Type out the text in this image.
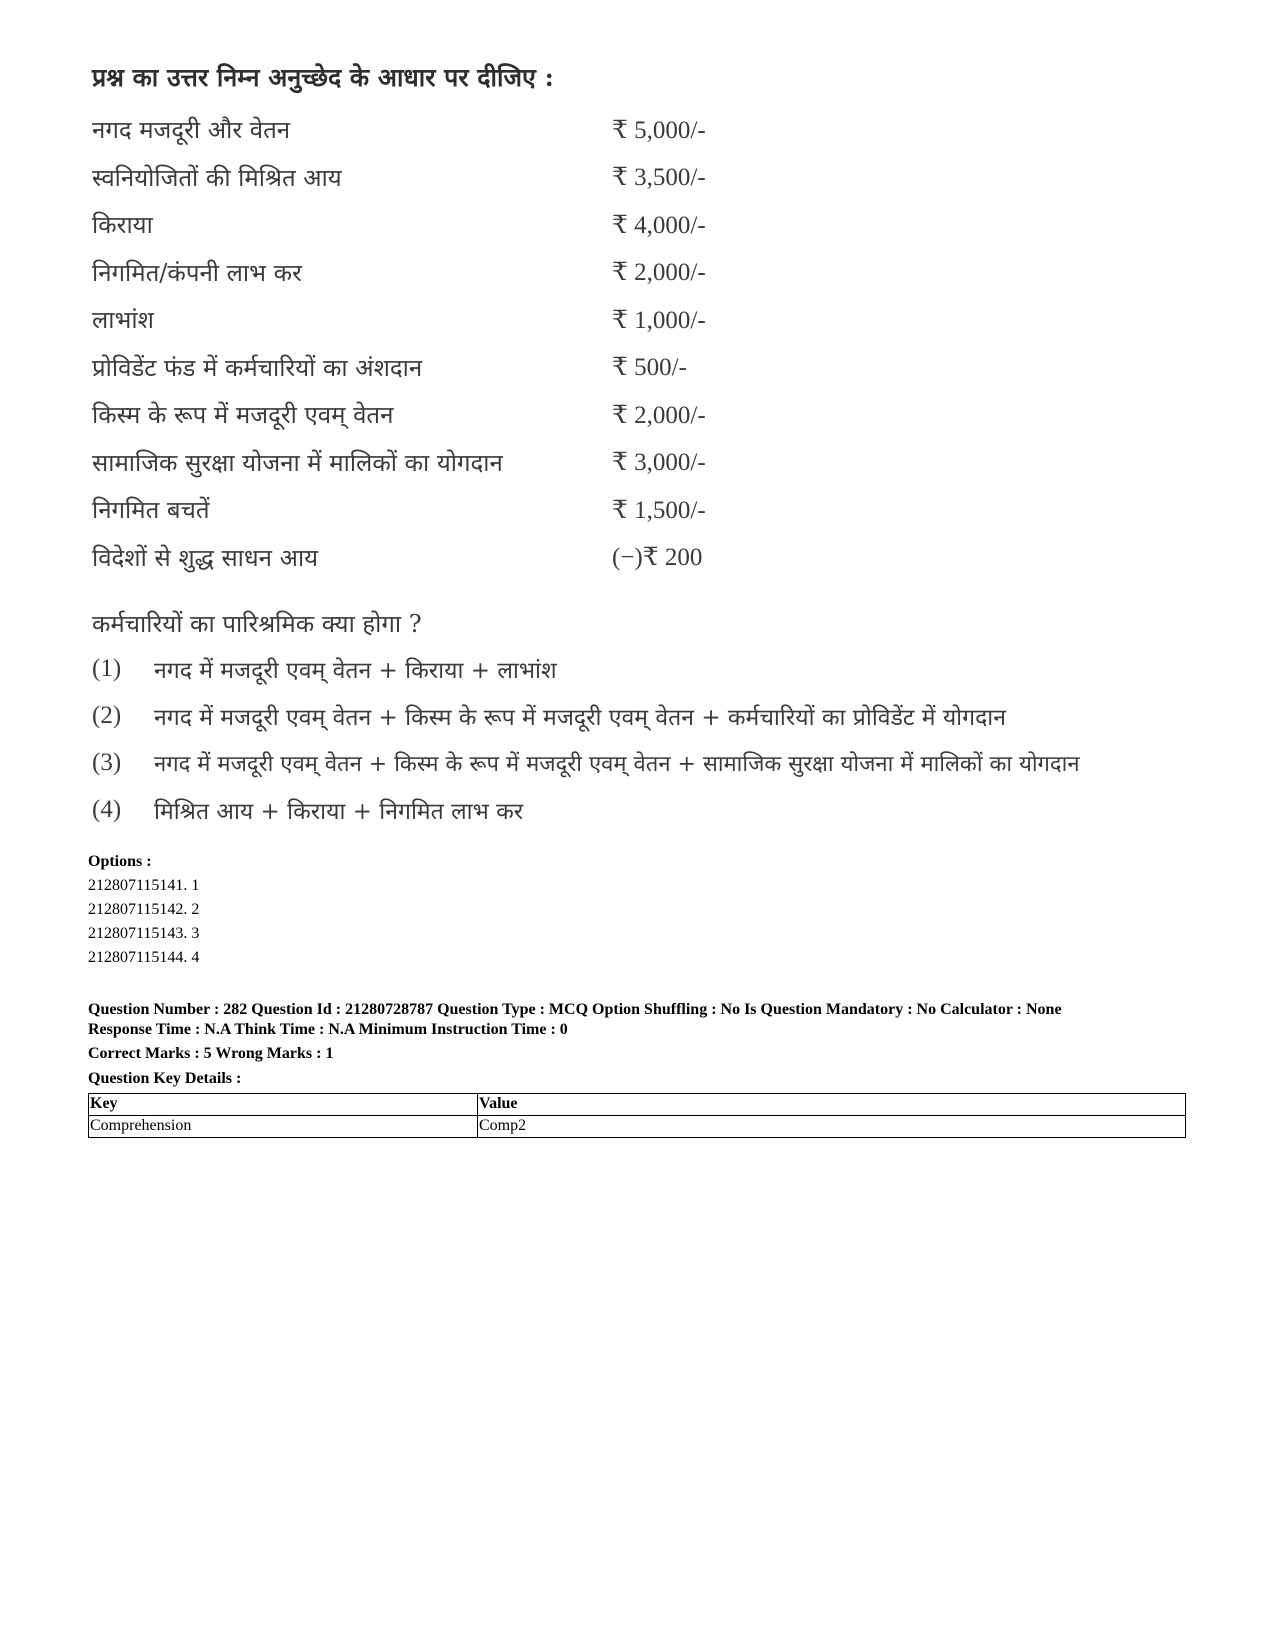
प्रश्न का उत्तर निम्न अनुच्छेद के आधार पर दीजिए :
नगद मजदूरी और वेतन	₹ 5,000/-
स्वनियोजितों की मिश्रित आय	₹ 3,500/-
किराया	₹ 4,000/-
निगमित/कंपनी लाभ कर	₹ 2,000/-
लाभांश	₹ 1,000/-
प्रोविडेंट फंड में कर्मचारियों का अंशदान	₹ 500/-
किस्म के रूप में मजदूरी एवम् वेतन	₹ 2,000/-
सामाजिक सुरक्षा योजना में मालिकों का योगदान	₹ 3,000/-
निगमित बचतें	₹ 1,500/-
विदेशों से शुद्ध साधन आय	(−)₹ 200
कर्मचारियों का पारिश्रमिक क्या होगा ?
(1)	नगद में मजदूरी एवम् वेतन + किराया + लाभांश
(2)	नगद में मजदूरी एवम् वेतन + किस्म के रूप में मजदूरी एवम् वेतन + कर्मचारियों का प्रोविडेंट में योगदान
(3)	नगद में मजदूरी एवम् वेतन + किस्म के रूप में मजदूरी एवम् वेतन + सामाजिक सुरक्षा योजना में मालिकों का योगदान
(4)	मिश्रित आय + किराया + निगमित लाभ कर
Options :
212807115141. 1
212807115142. 2
212807115143. 3
212807115144. 4
Question Number : 282 Question Id : 21280728787 Question Type : MCQ Option Shuffling : No Is Question Mandatory : No Calculator : None
Response Time : N.A Think Time : N.A Minimum Instruction Time : 0
Correct Marks : 5 Wrong Marks : 1
Question Key Details :
Key	Value
Comprehension	Comp2
